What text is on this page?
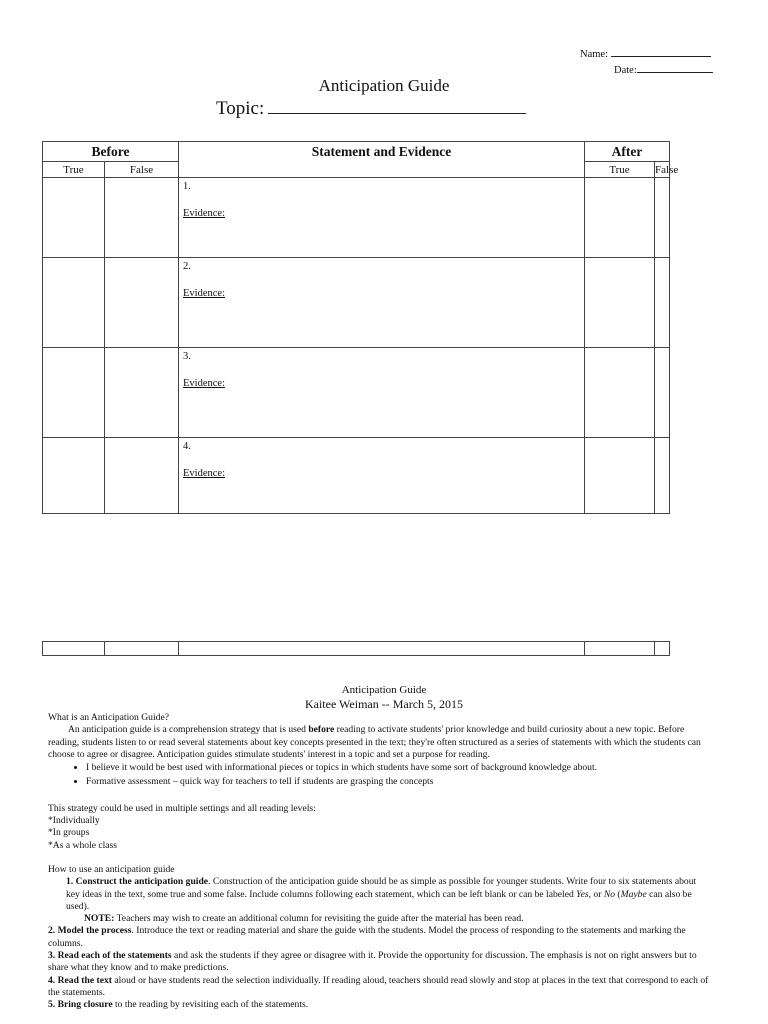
Name:
Date:
Anticipation Guide
Topic:
Before		Statement and Evidence	After	
True	False		True	False

		1.
Evidence:		

		2.
Evidence:		

		3.
Evidence:		

		4.
Evidence:		

Anticipation Guide
Kaitee Weiman -- March 5, 2015

What is an Anticipation Guide?

An anticipation guide is a comprehension strategy that is used before reading to activate students' prior knowledge and build curiosity about a new topic. Before reading, students listen to or read several statements about key concepts presented in the text; they're often structured as a series of statements with which the students can choose to agree or disagree. Anticipation guides stimulate students' interest in a topic and set a purpose for reading.

• I believe it would be best used with informational pieces or topics in which students have some sort of background knowledge about.
• Formative assessment – quick way for teachers to tell if students are grasping the concepts

This strategy could be used in multiple settings and all reading levels:

*Individually

*In groups

*As a whole class

How to use an anticipation guide

1. Construct the anticipation guide. Construction of the anticipation guide should be as simple as possible for younger students. Write four to six statements about key ideas in the text, some true and some false. Include columns following each statement, which can be left blank or can be labeled Yes, or No (Maybe can also be used).

NOTE: Teachers may wish to create an additional column for revisiting the guide after the material has been read.

2. Model the process. Introduce the text or reading material and share the guide with the students. Model the process of responding to the statements and marking the columns.

3. Read each of the statements and ask the students if they agree or disagree with it. Provide the opportunity for discussion. The emphasis is not on right answers but to share what they know and to make predictions.

4. Read the text aloud or have students read the selection individually. If reading aloud, teachers should read slowly and stop at places in the text that correspond to each of the statements.

5. Bring closure to the reading by revisiting each of the statements.
